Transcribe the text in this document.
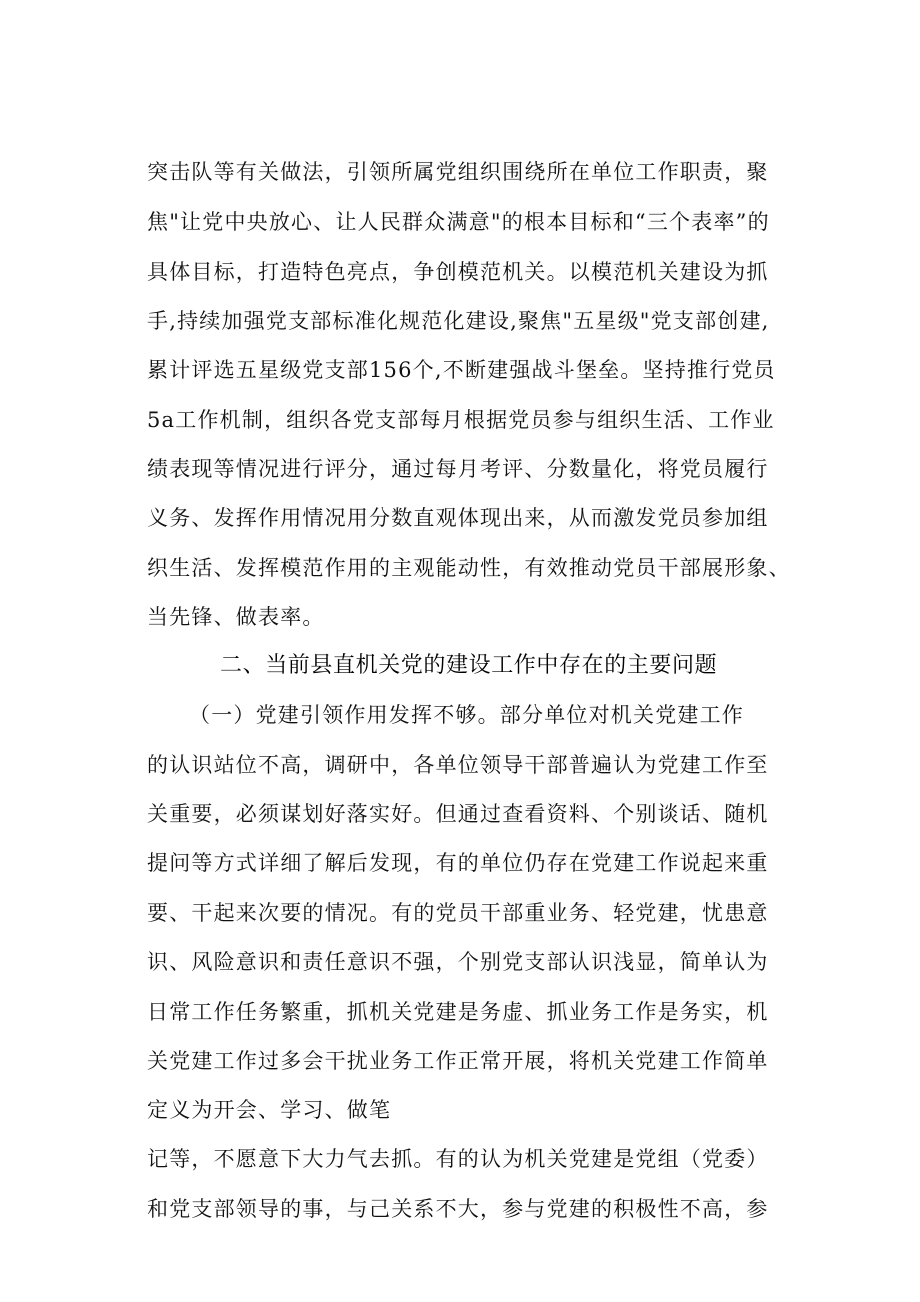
突击队等有关做法，引领所属党组织围绕所在单位工作职责，聚

焦"让党中央放心、让人民群众满意"的根本目标和“三个表率”的

具体目标，打造特色亮点，争创模范机关。以模范机关建设为抓

手,持续加强党支部标准化规范化建设,聚焦"五星级"党支部创建,

累计评选五星级党支部156个,不断建强战斗堡垒。坚持推行党员

5a工作机制，组织各党支部每月根据党员参与组织生活、工作业

绩表现等情况进行评分，通过每月考评、分数量化，将党员履行

义务、发挥作用情况用分数直观体现出来，从而激发党员参加组

织生活、发挥模范作用的主观能动性，有效推动党员干部展形象、

当先锋、做表率。

二、当前县直机关党的建设工作中存在的主要问题

（一）党建引领作用发挥不够。部分单位对机关党建工作

的认识站位不高，调研中，各单位领导干部普遍认为党建工作至

关重要，必须谋划好落实好。但通过查看资料、个别谈话、随机

提问等方式详细了解后发现，有的单位仍存在党建工作说起来重

要、干起来次要的情况。有的党员干部重业务、轻党建，忧患意

识、风险意识和责任意识不强，个别党支部认识浅显，简单认为

日常工作任务繁重，抓机关党建是务虚、抓业务工作是务实，机

关党建工作过多会干扰业务工作正常开展，将机关党建工作简单

定义为开会、学习、做笔

记等，不愿意下大力气去抓。有的认为机关党建是党组（党委）

和党支部领导的事，与己关系不大，参与党建的积极性不高，参
